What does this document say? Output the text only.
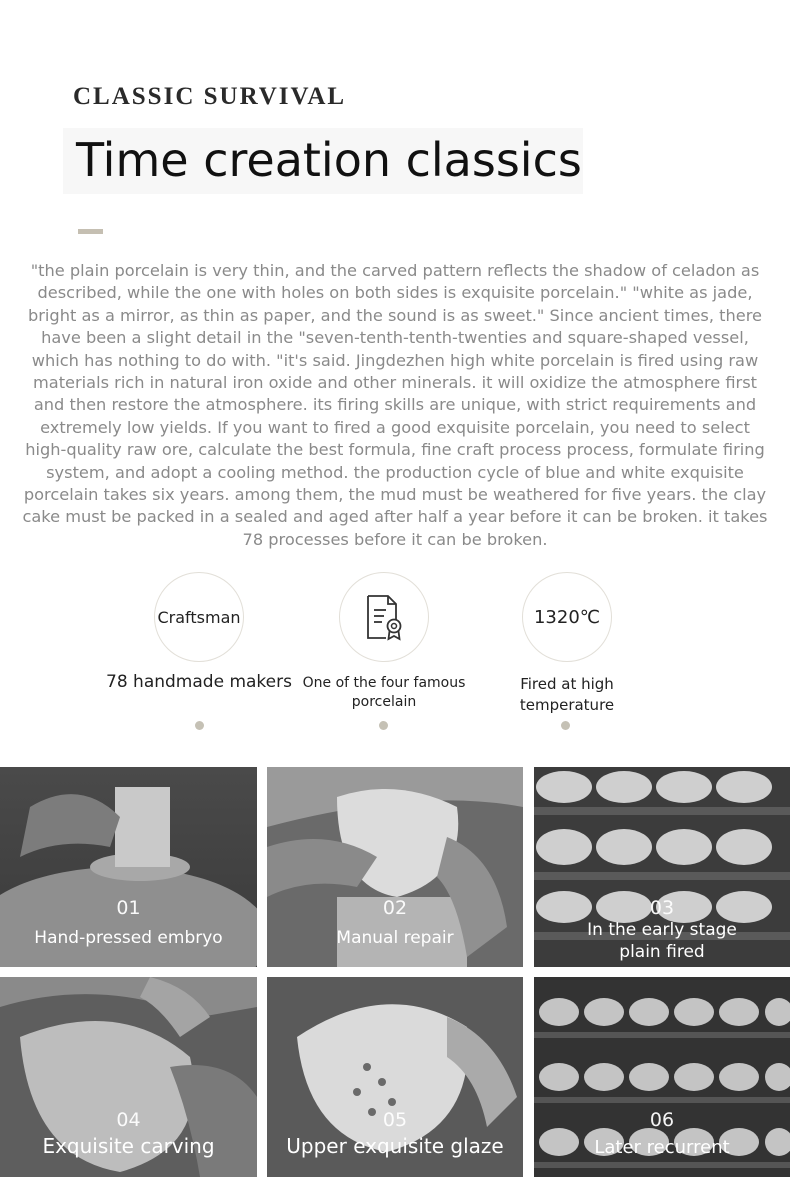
CLASSIC SURVIVAL
Time creation classics
"the plain porcelain is very thin, and the carved pattern reflects the shadow of celadon as described, while the one with holes on both sides is exquisite porcelain." "white as jade, bright as a mirror, as thin as paper, and the sound is as sweet." Since ancient times, there have been a slight detail in the "seven-tenth-tenth-twenties and square-shaped vessel, which has nothing to do with. "it's said. Jingdezhen high white porcelain is fired using raw materials rich in natural iron oxide and other minerals. it will oxidize the atmosphere first and then restore the atmosphere. its firing skills are unique, with strict requirements and extremely low yields. If you want to fired a good exquisite porcelain, you need to select high-quality raw ore, calculate the best formula, fine craft process process, formulate firing system, and adopt a cooling method. the production cycle of blue and white exquisite porcelain takes six years. among them, the mud must be weathered for five years. the clay cake must be packed in a sealed and aged after half a year before it can be broken. it takes 78 processes before it can be broken.
Craftsman
78 handmade makers One of the four famous
porcelain
1320℃
Fired at high
temperature
01
Hand-pressed embryo
02
Manual repair
03
In the early stage
plain fired
04
Exquisite carving
05
Upper exquisite glaze
06
Later recurrent
